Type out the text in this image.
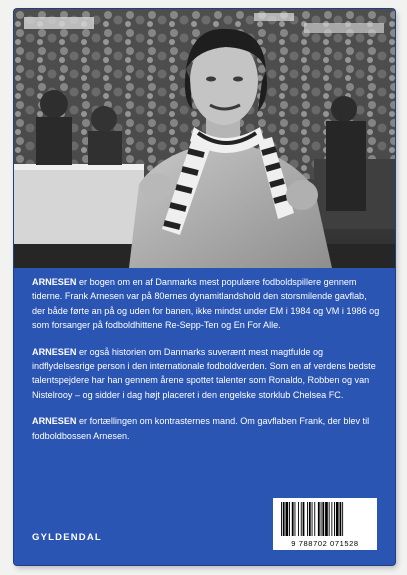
ARNESEN er bogen om en af Danmarks mest populære fodboldspillere gennem tiderne. Frank Arnesen var på 80ernes dynamitlandshold den storsmilende gavflab, der både førte an på og uden for banen, ikke mindst under EM i 1984 og VM i 1986 og som forsanger på fodboldhittene Re-Sepp-Ten og En For Alle.

ARNESEN er også historien om Danmarks suverænt mest magtfulde og indflydelsesrige person i den internationale fodboldverden. Som en af verdens bedste talentspejdere har han gennem årene spottet talenter som Ronaldo, Robben og van Nistelrooy – og sidder i dag højt placeret i den engelske storklub Chelsea FC.

ARNESEN er fortællingen om kontrasternes mand. Om gavflaben Frank, der blev til fodboldbossen Arnesen.

GYLDENDAL
9 788702 071528
